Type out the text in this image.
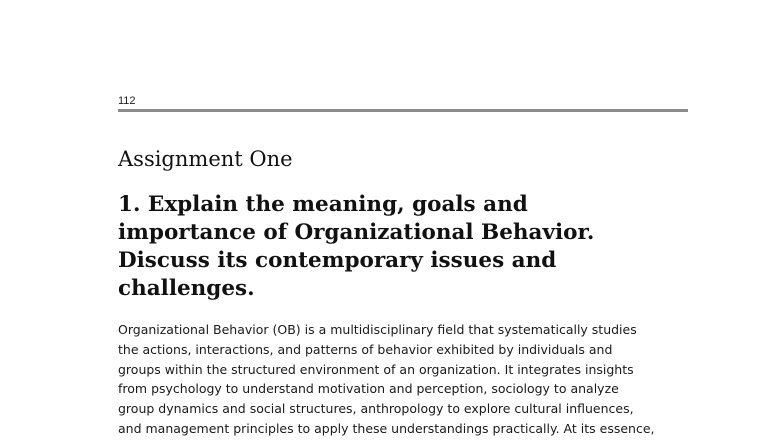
112
Assignment One
1. Explain the meaning, goals and
importance of Organizational Behavior.
Discuss its contemporary issues and
challenges.

Organizational Behavior (OB) is a multidisciplinary field that systematically studies
the actions, interactions, and patterns of behavior exhibited by individuals and
groups within the structured environment of an organization. It integrates insights
from psychology to understand motivation and perception, sociology to analyze
group dynamics and social structures, anthropology to explore cultural influences,
and management principles to apply these understandings practically. At its essence,
